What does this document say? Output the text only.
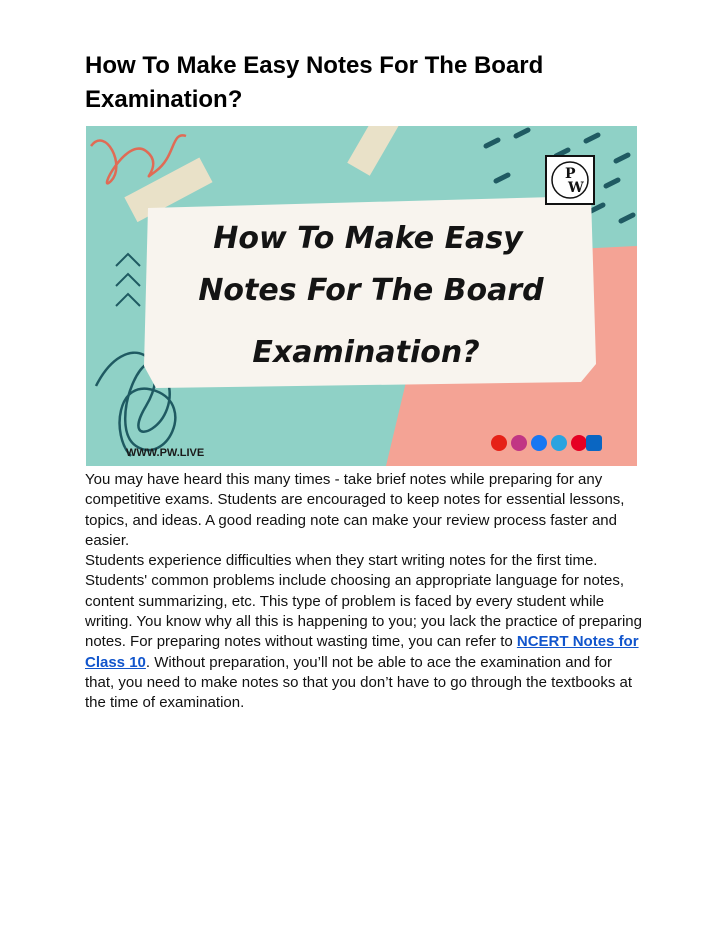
How To Make Easy Notes For The Board Examination?
P
W
How To Make Easy
Notes For The Board
Examination?
WWW.PW.LIVE

You may have heard this many times - take brief notes while preparing for any competitive exams. Students are encouraged to keep notes for essential lessons, topics, and ideas. A good reading note can make your review process faster and easier.

Students experience difficulties when they start writing notes for the first time. Students' common problems include choosing an appropriate language for notes, content summarizing, etc. This type of problem is faced by every student while writing. You know why all this is happening to you; you lack the practice of preparing notes. For preparing notes without wasting time, you can refer to NCERT Notes for Class 10. Without preparation, you’ll not be able to ace the examination and for that, you need to make notes so that you don’t have to go through the textbooks at the time of examination.
